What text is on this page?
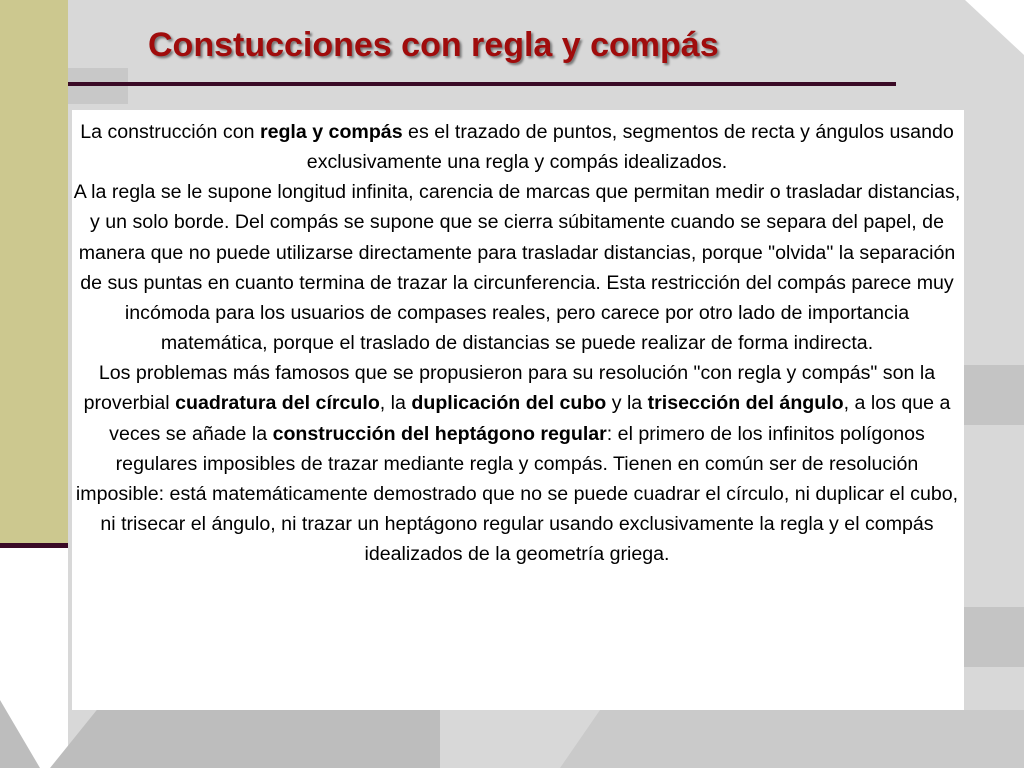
Constucciones con regla y compás

La construcción con regla y compás es el trazado de puntos, segmentos de recta y ángulos usando exclusivamente una regla y compás idealizados.

A la regla se le supone longitud infinita, carencia de marcas que permitan medir o trasladar distancias, y un solo borde. Del compás se supone que se cierra súbitamente cuando se separa del papel, de manera que no puede utilizarse directamente para trasladar distancias, porque "olvida" la separación de sus puntas en cuanto termina de trazar la circunferencia. Esta restricción del compás parece muy incómoda para los usuarios de compases reales, pero carece por otro lado de importancia matemática, porque el traslado de distancias se puede realizar de forma indirecta.

Los problemas más famosos que se propusieron para su resolución "con regla y compás" son la proverbial cuadratura del círculo, la duplicación del cubo y la trisección del ángulo, a los que a veces se añade la construcción del heptágono regular: el primero de los infinitos polígonos regulares imposibles de trazar mediante regla y compás. Tienen en común ser de resolución imposible: está matemáticamente demostrado que no se puede cuadrar el círculo, ni duplicar el cubo, ni trisecar el ángulo, ni trazar un heptágono regular usando exclusivamente la regla y el compás idealizados de la geometría griega.
